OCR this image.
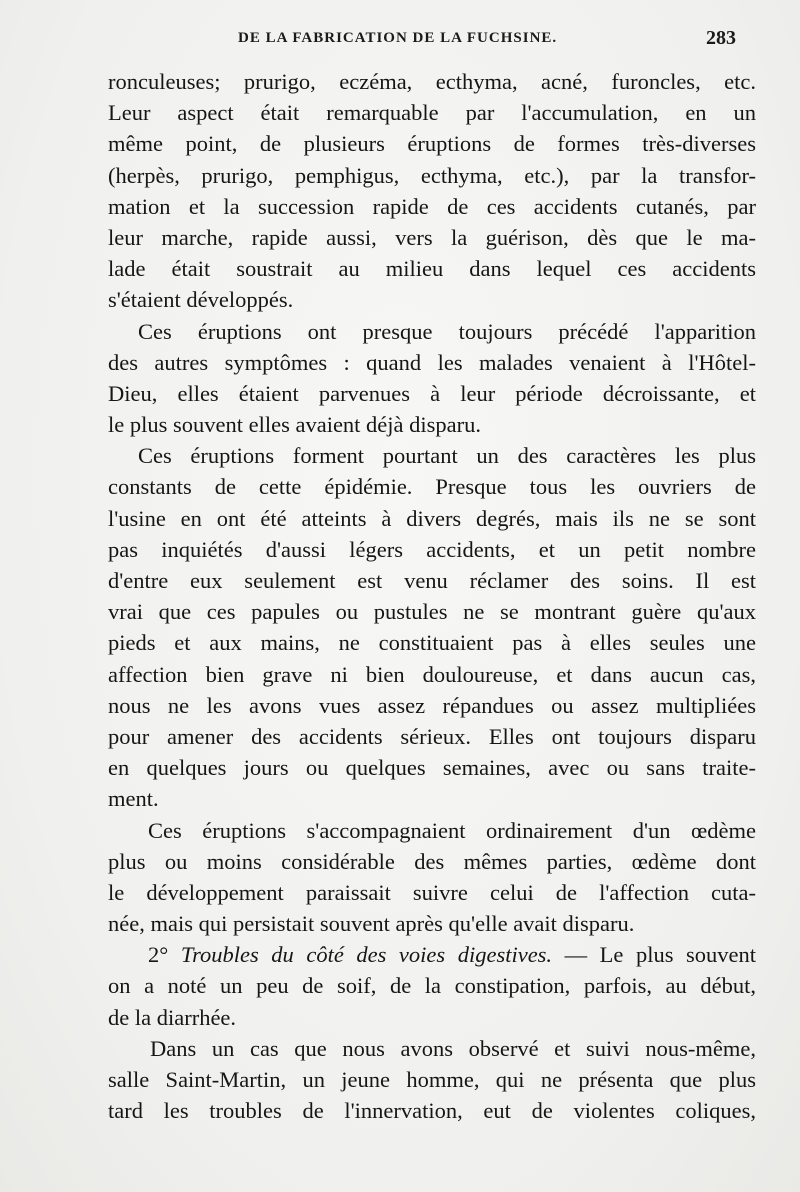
DE LA FABRICATION DE LA FUCHSINE.	283
ronculeuses; prurigo, eczéma, ecthyma, acné, furoncles, etc.
Leur aspect était remarquable par l'accumulation, en un
même point, de plusieurs éruptions de formes très-diverses
(herpès, prurigo, pemphigus, ecthyma, etc.), par la transfor-
mation et la succession rapide de ces accidents cutanés, par
leur marche, rapide aussi, vers la guérison, dès que le ma-
lade était soustrait au milieu dans lequel ces accidents
s'étaient développés.
Ces éruptions ont presque toujours précédé l'apparition
des autres symptômes : quand les malades venaient à l'Hôtel-
Dieu, elles étaient parvenues à leur période décroissante, et
le plus souvent elles avaient déjà disparu.
Ces éruptions forment pourtant un des caractères les plus
constants de cette épidémie. Presque tous les ouvriers de
l'usine en ont été atteints à divers degrés, mais ils ne se sont
pas inquiétés d'aussi légers accidents, et un petit nombre
d'entre eux seulement est venu réclamer des soins. Il est
vrai que ces papules ou pustules ne se montrant guère qu'aux
pieds et aux mains, ne constituaient pas à elles seules une
affection bien grave ni bien douloureuse, et dans aucun cas,
nous ne les avons vues assez répandues ou assez multipliées
pour amener des accidents sérieux. Elles ont toujours disparu
en quelques jours ou quelques semaines, avec ou sans traite-
ment.
Ces éruptions s'accompagnaient ordinairement d'un œdème
plus ou moins considérable des mêmes parties, œdème dont
le développement paraissait suivre celui de l'affection cuta-
née, mais qui persistait souvent après qu'elle avait disparu.
2° Troubles du côté des voies digestives. — Le plus souvent
on a noté un peu de soif, de la constipation, parfois, au début,
de la diarrhée.
Dans un cas que nous avons observé et suivi nous-même,
salle Saint-Martin, un jeune homme, qui ne présenta que plus
tard les troubles de l'innervation, eut de violentes coliques,
